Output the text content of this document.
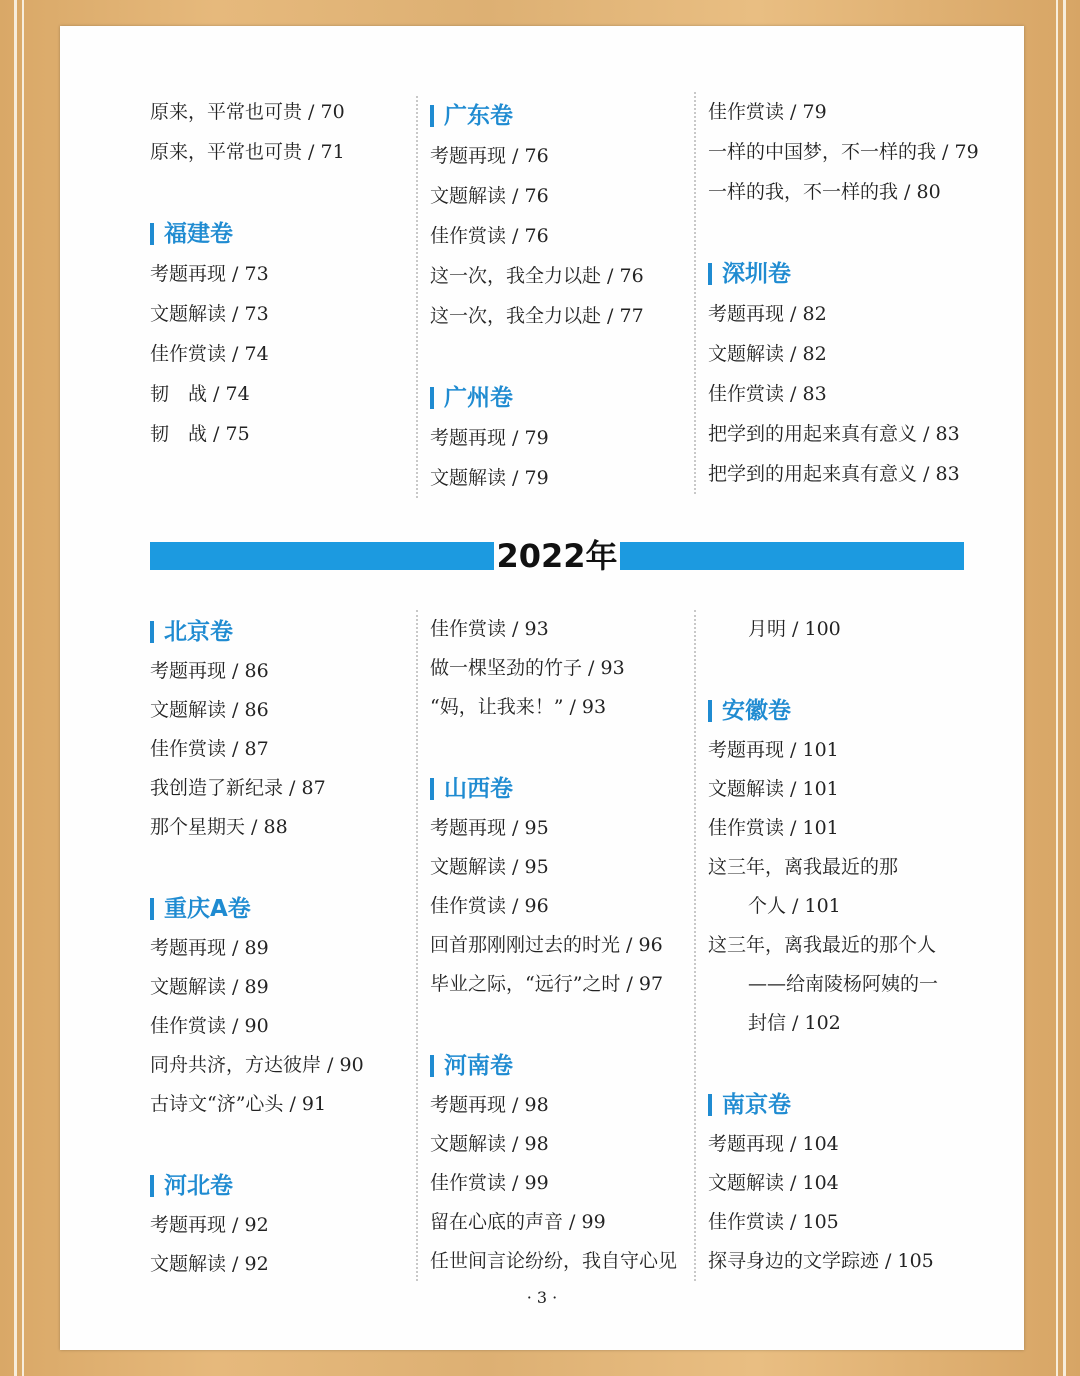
原来，平常也可贵 / 70
原来，平常也可贵 / 71
福建卷
考题再现 / 73
文题解读 / 73
佳作赏读 / 74
韧　战 / 74
韧　战 / 75
广东卷
考题再现 / 76
文题解读 / 76
佳作赏读 / 76
这一次，我全力以赴 / 76
这一次，我全力以赴 / 77
广州卷
考题再现 / 79
文题解读 / 79
佳作赏读 / 79
一样的中国梦，不一样的我 / 79
一样的我，不一样的我 / 80
深圳卷
考题再现 / 82
文题解读 / 82
佳作赏读 / 83
把学到的用起来真有意义 / 83
把学到的用起来真有意义 / 83
2022年
北京卷
考题再现 / 86
文题解读 / 86
佳作赏读 / 87
我创造了新纪录 / 87
那个星期天 / 88
重庆A卷
考题再现 / 89
文题解读 / 89
佳作赏读 / 90
同舟共济，方达彼岸 / 90
古诗文“济”心头 / 91
河北卷
考题再现 / 92
文题解读 / 92
佳作赏读 / 93
做一棵坚劲的竹子 / 93
“妈，让我来！” / 93
山西卷
考题再现 / 95
文题解读 / 95
佳作赏读 / 96
回首那刚刚过去的时光 / 96
毕业之际，“远行”之时 / 97
河南卷
考题再现 / 98
文题解读 / 98
佳作赏读 / 99
留在心底的声音 / 99
任世间言论纷纷，我自守心见
月明 / 100
安徽卷
考题再现 / 101
文题解读 / 101
佳作赏读 / 101
这三年，离我最近的那
个人 / 101
这三年，离我最近的那个人
——给南陵杨阿姨的一
封信 / 102
南京卷
考题再现 / 104
文题解读 / 104
佳作赏读 / 105
探寻身边的文学踪迹 / 105
· 3 ·
